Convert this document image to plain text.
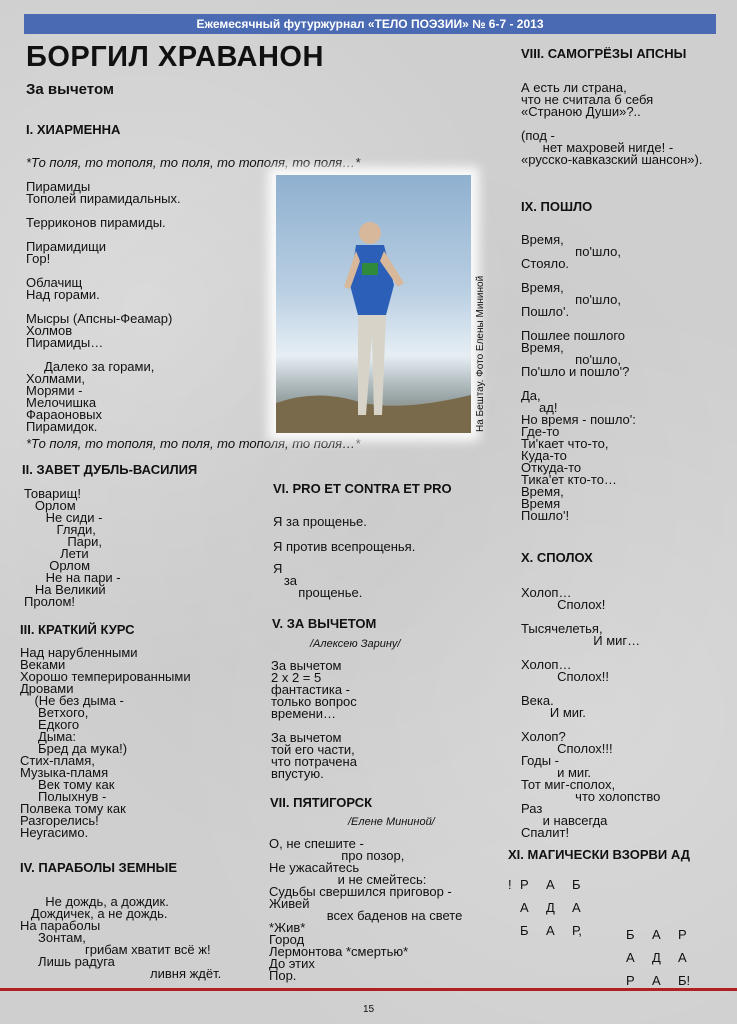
Ежемесячный футуржурнал «ТЕЛО ПОЭЗИИ» № 6-7 - 2013
БОРГИЛ ХРАВАНОН
За вычетом
I. ХИАРМЕННА
*То поля, то тополя, то поля, то тополя, то поля…*
Пирамиды
Тополей пирамидальных.

Терриконов пирамиды.

Пирамидищи
Гор!

Облачищ
Над горами.

Мысры (Апсны-Феамар)
Холмов
Пирамиды…

Далеко за горами,
Холмами,
Морями -
Мелочишка
Фараоновых
Пирамидок.
*То поля, то тополя, то поля, то тополя, то поля…*
На Бештау. Фото Елены Мининой
II. ЗАВЕТ ДУБЛЬ-ВАСИЛИЯ
Товарищ!
Орлом
Не сиди -
Гляди,
Пари,
Лети
Орлом
Не на пари -
На Великий
Пролом!
III. КРАТКИЙ КУРС
Над нарубленными
Веками
Хорошо темперированными
Дровами
(Не без дыма -
Ветхого,
Едкого
Дыма:
Бред да мука!)
Стих-пламя,
Музыка-пламя
Век тому как
Полыхнув -
Полвека тому как
Разгорелись!
Неугасимо.
IV. ПАРАБОЛЫ ЗЕМНЫЕ
Не дождь, а дождик.
Дождичек, а не дождь.
На параболы
Зонтам,
грибам хватит всё ж!
Лишь радуга
ливня ждёт.
VI. PRO ET CONTRA ET PRO
Я за прощенье.
Я против всепрощенья.
Я
за
прощенье.
V. ЗА ВЫЧЕТОМ
/Алексею Зарину/
За вычетом
2 х 2 = 5
фантастика -
только вопрос
времени…

За вычетом
той его части,
что потрачена
впустую.
VII. ПЯТИГОРСК
/Елене Мининой/
О, не спешите -
про позор,
Не ужасайтесь
и не смейтесь:
Судьбы свершился приговор -
Живей
всех баденов на свете
*Жив*
Город
Лермонтова *смертью*
До этих
Пор.
VIII. САМОГРЁЗЫ АПСНЫ
А есть ли страна,
что не считала б себя
«Страною Души»?..

(под -
нет махровей нигде! -
«русско-кавказский шансон»).
IX. ПОШЛО
Время,
по'шло,
Стояло.

Время,
по'шло,
Пошло'.

Пошлее пошлого
Время,
по'шло,
По'шло и пошло'?

Да,
ад!
Но время - пошло':
Где-то
Ти'кает что-то,
Куда-то
Откуда-то
Тика'ет кто-то…
Время,
Время
Пошло'!
X. СПОЛОХ
Холоп…
Сполох!

Тысячелетья,
И миг…

Холоп…
Сполох!!

Века.
И миг.

Холоп?
Сполох!!!
Годы -
и миг.
Тот миг-сполох,
что холопство
Раз
и навсегда
Спалит!
XI. МАГИЧЕСКИ ВЗОРВИ АД
! Р А Б
А Д А
Б А Р,	Б А Р
А Д А
Р А Б!
15
